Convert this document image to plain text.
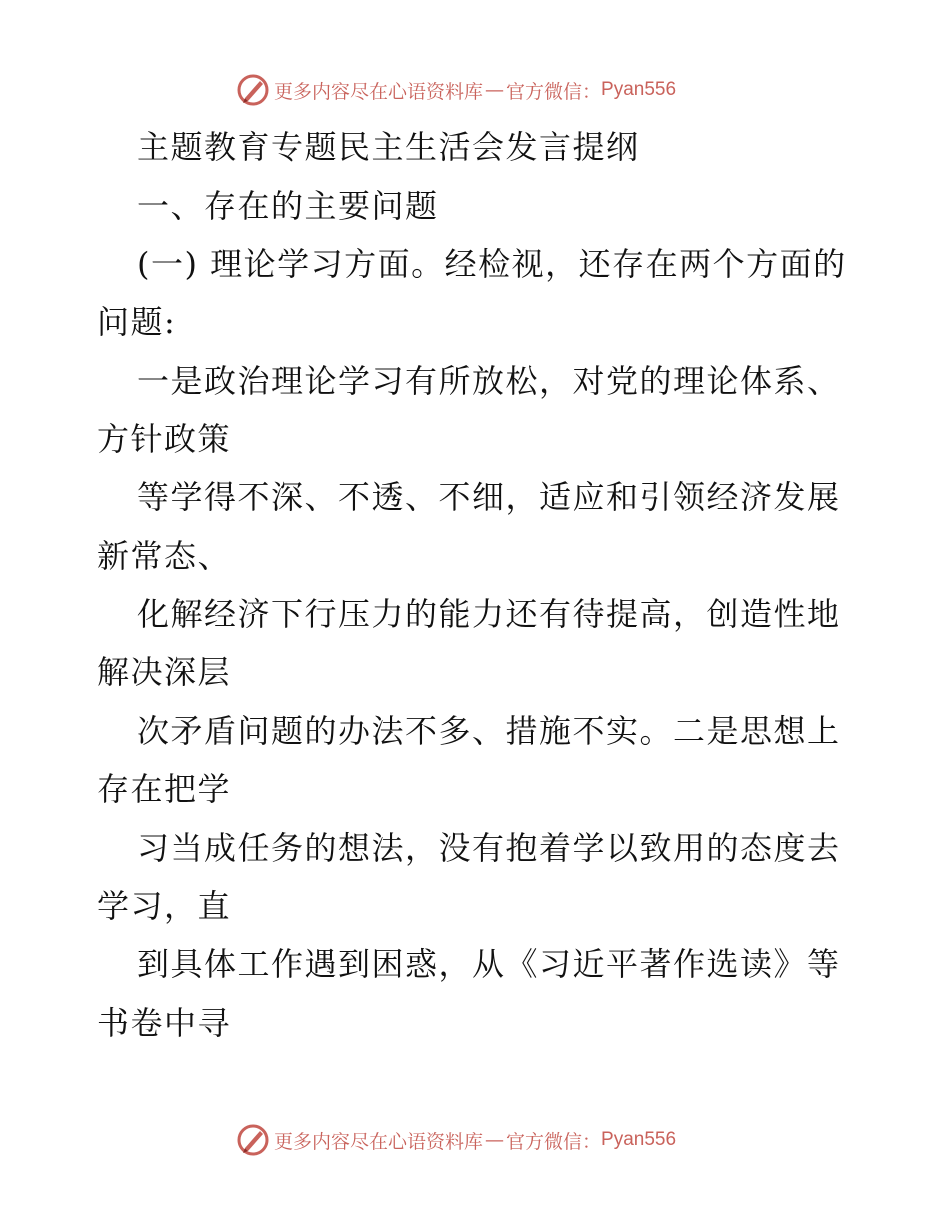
更多内容尽在心语资料库 — 官方微信： Pyan556
主题教育专题民主生活会发言提纲
一、存在的主要问题
(一) 理论学习方面。经检视，还存在两个方面的
问题:
一是政治理论学习有所放松，对党的理论体系、
方针政策
等学得不深、不透、不细，适应和引领经济发展
新常态、
化解经济下行压力的能力还有待提高，创造性地
解决深层
次矛盾问题的办法不多、措施不实。二是思想上
存在把学
习当成任务的想法，没有抱着学以致用的态度去
学习，直
到具体工作遇到困惑，从《习近平著作选读》等
书卷中寻
更多内容尽在心语资料库 — 官方微信： Pyan556
